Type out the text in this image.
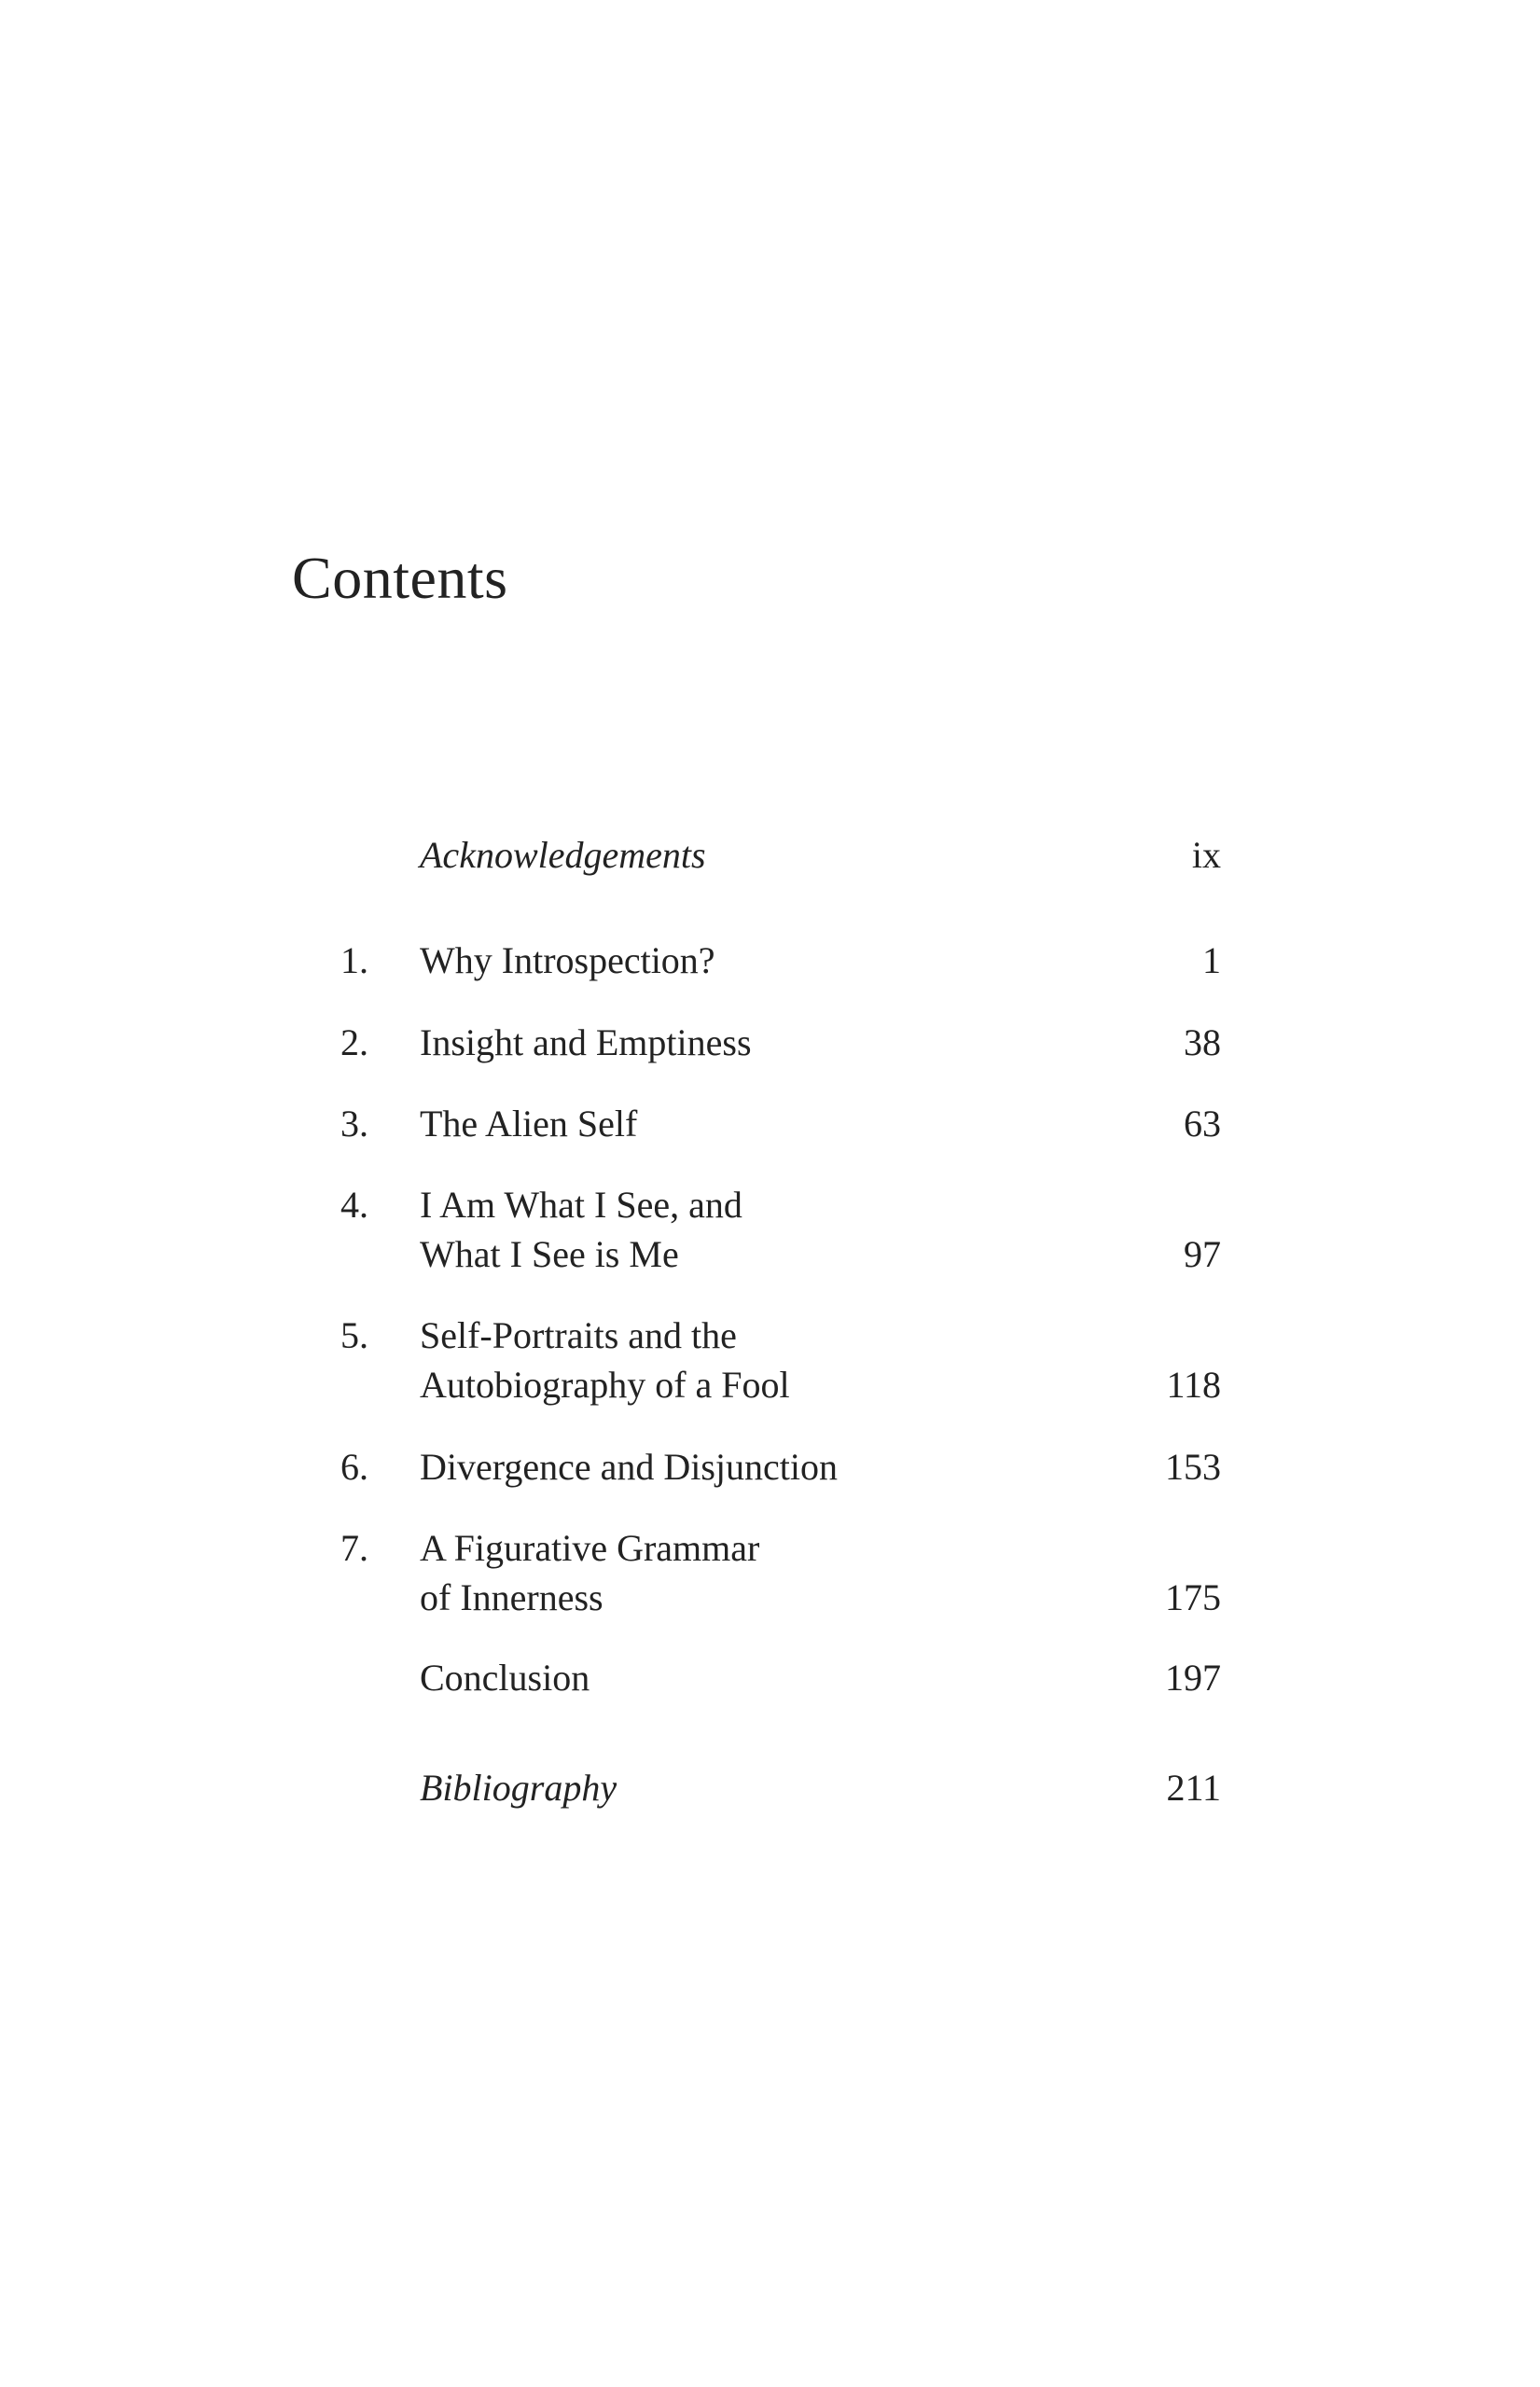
Contents
Acknowledgements	ix
1.	Why Introspection?	1
2.	Insight and Emptiness	38
3.	The Alien Self	63
4.	I Am What I See, and
What I See is Me	97
5.	Self-Portraits and the
Autobiography of a Fool	118
6.	Divergence and Disjunction	153
7.	A Figurative Grammar
of Innerness	175
Conclusion	197
Bibliography	211
